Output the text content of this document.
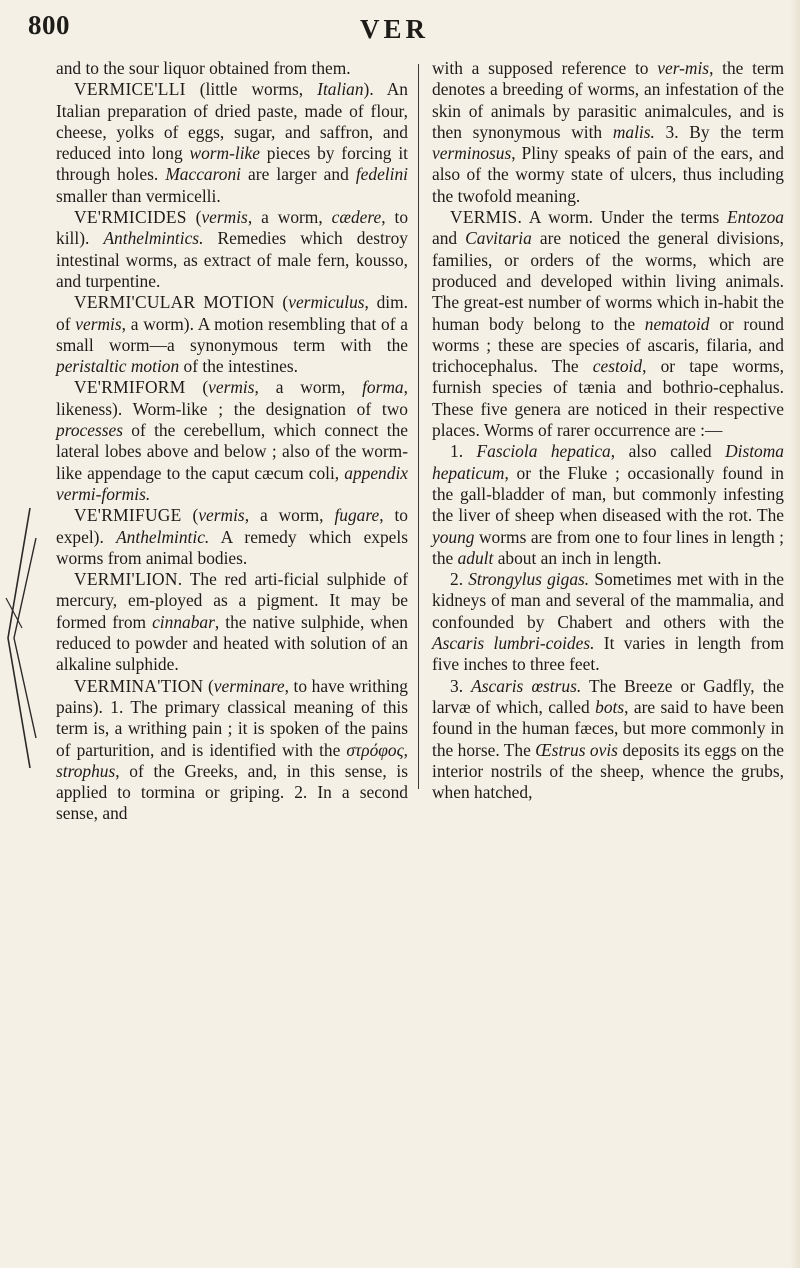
800	VER

and to the sour liquor obtained from them.

VERMICE'LLI (little worms, Italian). An Italian preparation of dried paste, made of flour, cheese, yolks of eggs, sugar, and saffron, and reduced into long worm-like pieces by forcing it through holes. Maccaroni are larger and fedelini smaller than vermicelli.

VE'RMICIDES (vermis, a worm, cædere, to kill). Anthelmintics. Remedies which destroy intestinal worms, as extract of male fern, kousso, and turpentine.

VERMI'CULAR MOTION (vermiculus, dim. of vermis, a worm). A motion resembling that of a small worm—a synonymous term with the peristaltic motion of the intestines.

VE'RMIFORM (vermis, a worm, forma, likeness). Worm-like ; the designation of two processes of the cerebellum, which connect the lateral lobes above and below ; also of the worm-like appendage to the caput cæcum coli, appendix vermi-formis.

VE'RMIFUGE (vermis, a worm, fugare, to expel). Anthelmintic. A remedy which expels worms from animal bodies.

VERMI'LION. The red arti-ficial sulphide of mercury, em-ployed as a pigment. It may be formed from cinnabar, the native sulphide, when reduced to powder and heated with solution of an alkaline sulphide.

VERMINA'TION (verminare, to have writhing pains). 1. The primary classical meaning of this term is, a writhing pain ; it is spoken of the pains of parturition, and is identified with the στρόφος, strophus, of the Greeks, and, in this sense, is applied to tormina or griping. 2. In a second sense, and

with a supposed reference to ver-mis, the term denotes a breeding of worms, an infestation of the skin of animals by parasitic animalcules, and is then synonymous with malis. 3. By the term verminosus, Pliny speaks of pain of the ears, and also of the wormy state of ulcers, thus including the twofold meaning.

VERMIS. A worm. Under the terms Entozoa and Cavitaria are noticed the general divisions, families, or orders of the worms, which are produced and developed within living animals. The great-est number of worms which in-habit the human body belong to the nematoid or round worms ; these are species of ascaris, filaria, and trichocephalus. The cestoid, or tape worms, furnish species of tænia and bothrio-cephalus. These five genera are noticed in their respective places. Worms of rarer occurrence are :—

1. Fasciola hepatica, also called Distoma hepaticum, or the Fluke ; occasionally found in the gall-bladder of man, but commonly infesting the liver of sheep when diseased with the rot. The young worms are from one to four lines in length ; the adult about an inch in length.

2. Strongylus gigas. Sometimes met with in the kidneys of man and several of the mammalia, and confounded by Chabert and others with the Ascaris lumbri-coides. It varies in length from five inches to three feet.

3. Ascaris œstrus. The Breeze or Gadfly, the larvæ of which, called bots, are said to have been found in the human fæces, but more commonly in the horse. The Œstrus ovis deposits its eggs on the interior nostrils of the sheep, whence the grubs, when hatched,
